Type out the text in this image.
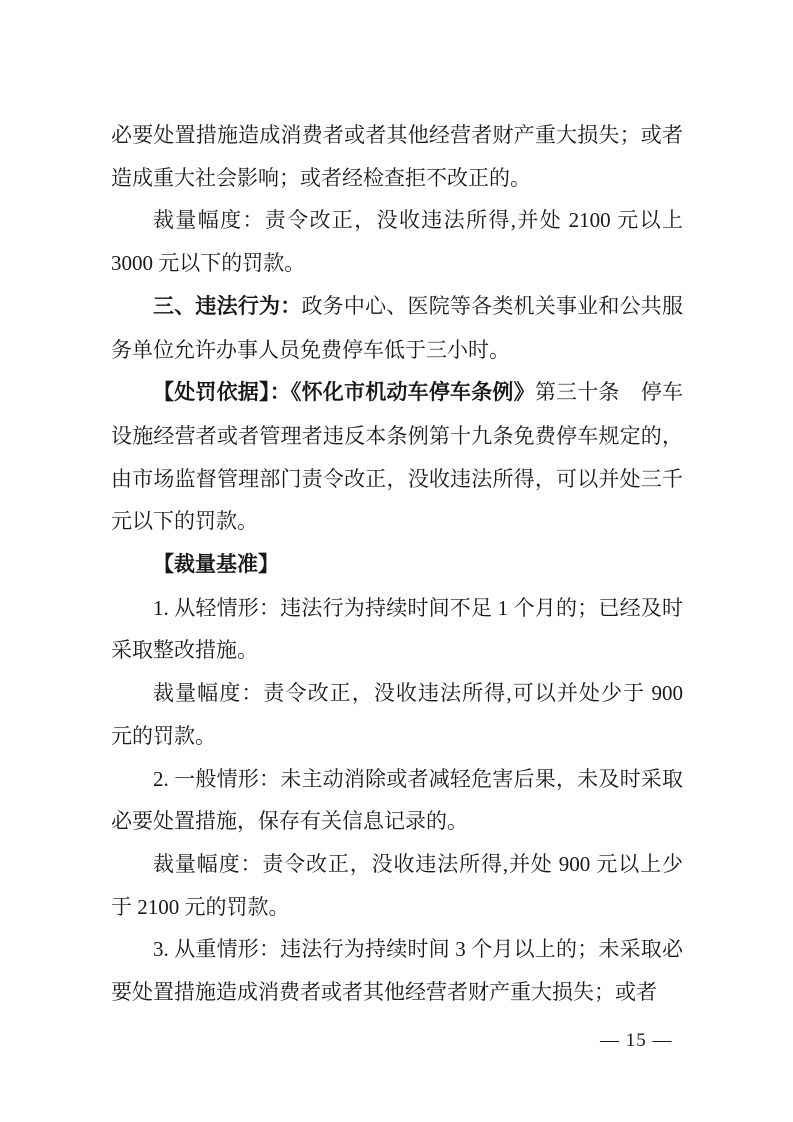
必要处置措施造成消费者或者其他经营者财产重大损失；或者造成重大社会影响；或者经检查拒不改正的。

裁量幅度：责令改正，没收违法所得,并处 2100 元以上 3000 元以下的罚款。

三、违法行为：政务中心、医院等各类机关事业和公共服务单位允许办事人员免费停车低于三小时。

【处罚依据】：《怀化市机动车停车条例》第三十条　停车设施经营者或者管理者违反本条例第十九条免费停车规定的，由市场监督管理部门责令改正，没收违法所得，可以并处三千元以下的罚款。

【裁量基准】

1. 从轻情形：违法行为持续时间不足 1 个月的；已经及时采取整改措施。

裁量幅度：责令改正，没收违法所得,可以并处少于 900 元的罚款。

2. 一般情形：未主动消除或者减轻危害后果，未及时采取必要处置措施，保存有关信息记录的。

裁量幅度：责令改正，没收违法所得,并处 900 元以上少于 2100 元的罚款。

3. 从重情形：违法行为持续时间 3 个月以上的；未采取必要处置措施造成消费者或者其他经营者财产重大损失；或者

— 15 —
